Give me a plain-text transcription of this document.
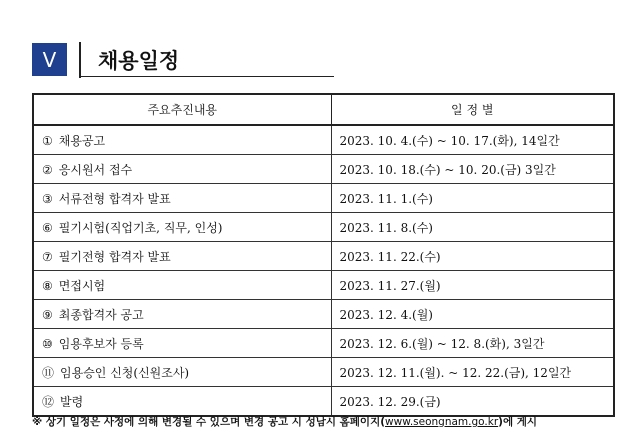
V 채용일정
주요추진내용	일 정 별
① 채용공고	2023. 10. 4.(수) ~ 10. 17.(화), 14일간
② 응시원서 접수	2023. 10. 18.(수) ~ 10. 20.(금) 3일간
③ 서류전형 합격자 발표	2023. 11. 1.(수)
⑥ 필기시험(직업기초, 직무, 인성)	2023. 11. 8.(수)
⑦ 필기전형 합격자 발표	2023. 11. 22.(수)
⑧ 면접시험	2023. 11. 27.(월)
⑨ 최종합격자 공고	2023. 12. 4.(월)
⑩ 임용후보자 등록	2023. 12. 6.(월) ~ 12. 8.(화), 3일간
⑪ 임용승인 신청(신원조사)	2023. 12. 11.(월). ~ 12. 22.(금), 12일간
⑫ 발령	2023. 12. 29.(금)
※ 상기 일정은 사정에 의해 변경될 수 있으며 변경 공고 시 성남시 홈페이지(www.seongnam.go.kr)에 게시
